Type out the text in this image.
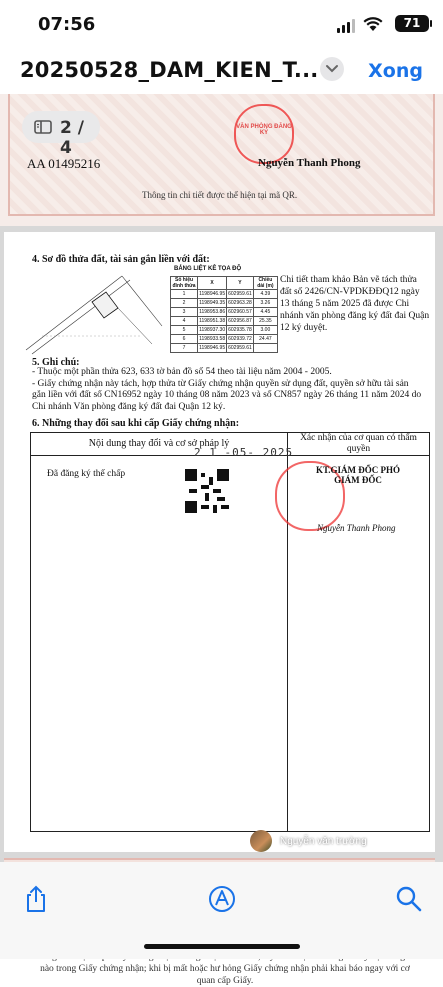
07:56	71
20250528_DAM_KIEN_T...	Xong
2 / 4
VĂN PHÒNG ĐĂNG KÝ
AA 01495216	Nguyễn Thanh Phong
Thông tin chi tiết được thể hiện tại mã QR.
4. Sơ đồ thửa đất, tài sản gắn liền với đất:
BẢNG LIỆT KÊ TỌA ĐỘ
Số hiệu đỉnh thửa	X	Y	Chiều dài (m)
1	1198946.95	602959.61	4.39
2	1198949.35	602963.28	3.26
3	1198953.86	602960.57	4.45
4	1198951.38	602956.87	25.35
5	1198937.30	602935.78	3.00
6	1198933.58	602939.72	24.47
7	1198946.95	602959.61	
Chi tiết tham khảo Bản vẽ tách thửa đất số 2426/CN-VPDKĐĐQ12 ngày 13 tháng 5 năm 2025 đã được Chi nhánh văn phòng đăng ký đất đai Quận 12 ký duyệt.
5. Ghi chú:
- Thuộc một phần thửa 623, 633 tờ bản đồ số 54 theo tài liệu năm 2004 - 2005.
- Giấy chứng nhận này tách, hợp thửa từ Giấy chứng nhận quyền sử dụng đất, quyền sở hữu tài sản gắn liền với đất số CN16952 ngày 10 tháng 08 năm 2023 và số CN857 ngày 26 tháng 11 năm 2024 do Chi nhánh Văn phòng đăng ký đất đai Quận 12 ký.
6. Những thay đổi sau khi cấp Giấy chứng nhận:
Nội dung thay đổi và cơ sở pháp lý	Xác nhận của cơ quan có thẩm quyền
Đã đăng ký thế chấp	KT.GIÁM ĐỐC PHÓ GIÁM ĐỐC
Nguyễn Thanh Phong
2 1 -05- 2025
Nguyễn văn trường
nào trong Giấy chứng nhận; khi bị mất hoặc hư hỏng Giấy chứng nhận phải khai báo ngay với cơ quan cấp Giấy.
